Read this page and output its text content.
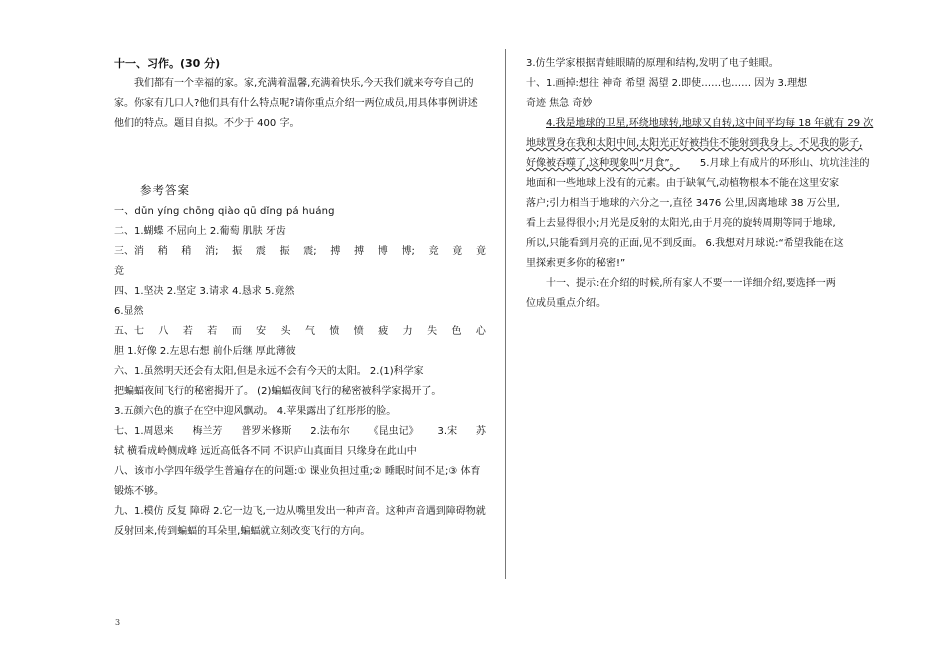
十一、习作。(30 分)
我们都有一个幸福的家。家,充满着温馨,充满着快乐,今天我们就来夸夸自己的家。你家有几口人?他们具有什么特点呢?请你重点介绍一两位成员,用具体事例讲述他们的特点。题目自拟。不少于 400 字。
参考答案
一、dǔn yíng chōng qiào qū dǐng pá huáng
二、1.蝴蝶 不屈向上 2.葡萄 肌肤 牙齿
三、消 稍 稍 消; 振 震 振 震; 搏 搏 博 博; 竞 竟 竟
竞
四、1.坚决 2.坚定 3.请求 4.恳求 5.竟然
6.显然
五、七 八 若 若 而 安 头 气 愤 愤 疲 力 失 色 心
胆 1.好像 2.左思右想 前仆后继 厚此薄彼
六、1.虽然明天还会有太阳,但是永远不会有今天的太阳。 2.(1)科学家
把蝙蝠夜间飞行的秘密揭开了。 (2)蝙蝠夜间飞行的秘密被科学家揭开了。
3.五颜六色的旗子在空中迎风飘动。 4.苹果露出了红彤彤的脸。
七、1.周恩来 梅兰芳 普罗米修斯 2.法布尔 《昆虫记》 3.宋 苏
轼 横看成岭侧成峰 远近高低各不同 不识庐山真面目 只缘身在此山中
八、该市小学四年级学生普遍存在的问题:① 课业负担过重;② 睡眠时间不足;③ 体育锻炼不够。
九、1.模仿 反复 障碍 2.它一边飞,一边从嘴里发出一种声音。这种声音遇到障碍物就反射回来,传到蝙蝠的耳朵里,蝙蝠就立刻改变飞行的方向。
3.仿生学家根据青蛙眼睛的原理和结构,发明了电子蛙眼。
十、1.画掉:想往 神奇 希望 渴望 2.即使……也…… 因为 3.理想
奇迹 焦急 奇妙
4.我是地球的卫星,环绕地球转,地球又自转,这中间平均每 18 年就有 29 次
地球置身在我和太阳中间,太阳光正好被挡住不能射到我身上。不见我的影子,
好像被吞噬了,这种现象叫“月食”。 5.月球上有成片的环形山、坑坑洼洼的
地面和一些地球上没有的元素。由于缺氧气,动植物根本不能在这里安家落户;引力相当于地球的六分之一,直径 3476 公里,因离地球 38 万公里,看上去显得很小;月光是反射的太阳光,由于月亮的旋转周期等同于地球,所以,只能看到月亮的正面,见不到反面。 6.我想对月球说:“希望我能在这里探索更多你的秘密!”
十一、提示:在介绍的时候,所有家人不要一一详细介绍,要选择一两位成员重点介绍。
3
